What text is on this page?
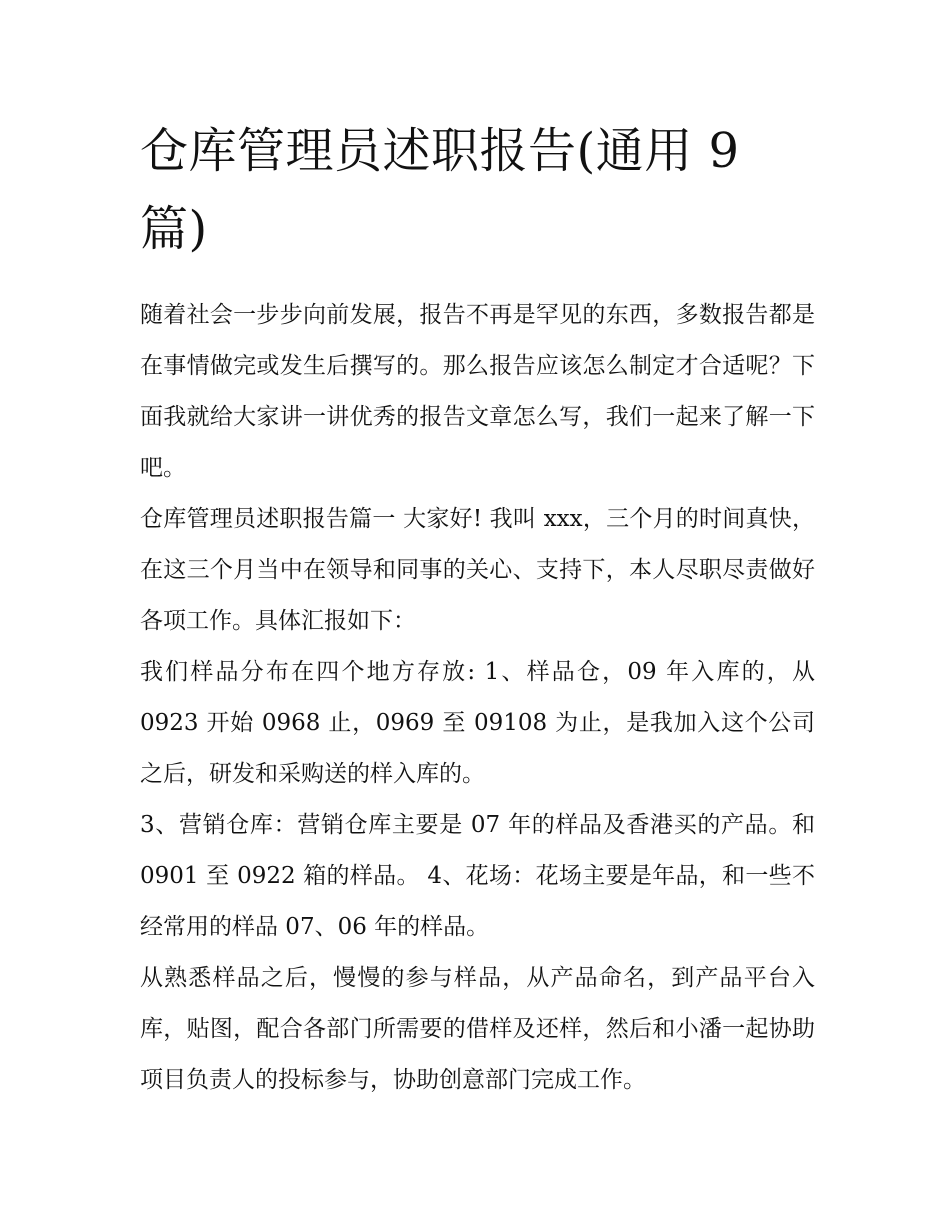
仓库管理员述职报告(通用 9 篇)

随着社会一步步向前发展，报告不再是罕见的东西，多数报告都是在事情做完或发生后撰写的。那么报告应该怎么制定才合适呢？下面我就给大家讲一讲优秀的报告文章怎么写，我们一起来了解一下吧。

仓库管理员述职报告篇一 大家好! 我叫 xxx，三个月的时间真快，在这三个月当中在领导和同事的关心、支持下，本人尽职尽责做好各项工作。具体汇报如下：

我们样品分布在四个地方存放: 1、样品仓，09 年入库的，从 0923 开始 0968 止，0969 至 09108 为止，是我加入这个公司之后，研发和采购送的样入库的。

3、营销仓库：营销仓库主要是 07 年的样品及香港买的产品。和 0901 至 0922 箱的样品。 4、花场：花场主要是年品，和一些不经常用的样品 07、06 年的样品。

从熟悉样品之后，慢慢的参与样品，从产品命名，到产品平台入库，贴图，配合各部门所需要的借样及还样，然后和小潘一起协助项目负责人的投标参与，协助创意部门完成工作。
